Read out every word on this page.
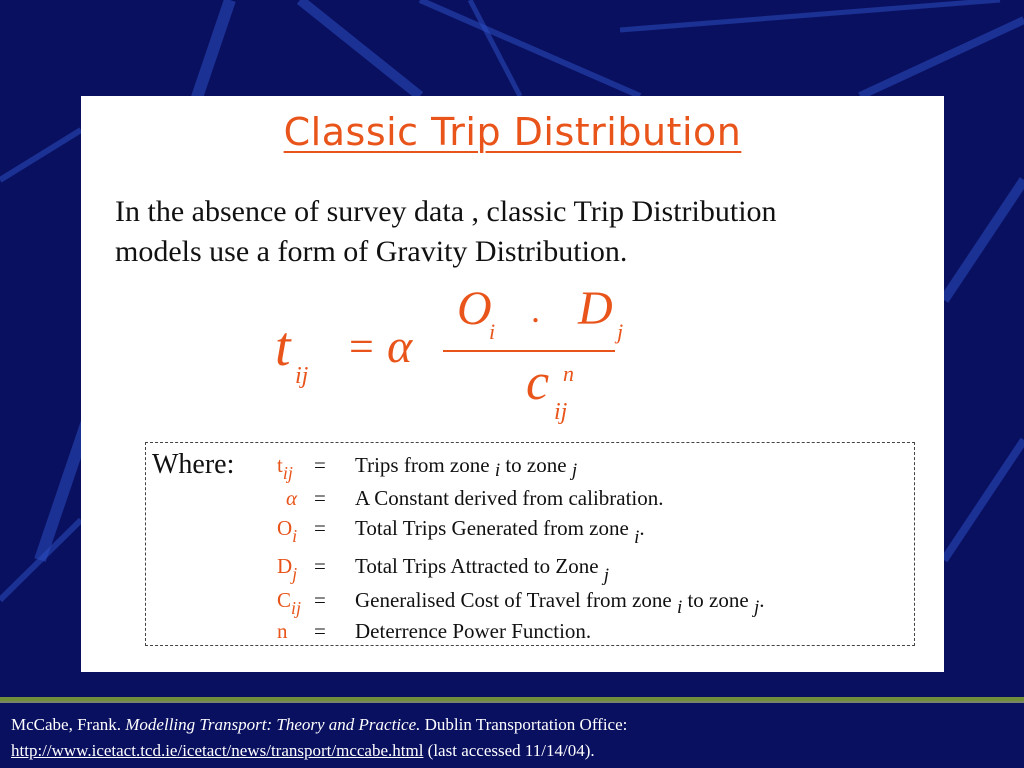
Classic Trip Distribution

In the absence of survey data , classic Trip Distribution
models use a form of Gravity Distribution.

t ij
= α
O
i
. D j
c n
ij
Where: $t_{ij}$ = Trips from zone i to zone j
α = A Constant derived from calibration.
$O_i$ = Total Trips Generated from zone i.
$D_j$ = Total Trips Attracted to Zone j
$C_{ij}$ = Generalised Cost of Travel from zone i to zone j.
n = Deterrence Power Function.
McCabe, Frank. Modelling Transport: Theory and Practice. Dublin Transportation Office:
http://www.icetact.tcd.ie/icetact/news/transport/mccabe.html (last accessed 11/14/04).
